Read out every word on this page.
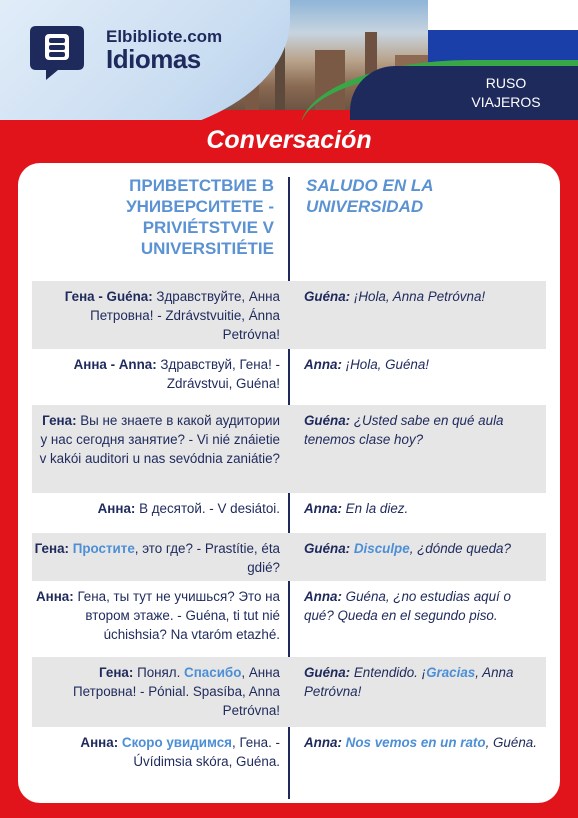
Elbibliote.com
Idiomas
RUSO
VIAJEROS
Conversación
ПРИВЕТСТВИЕ В УНИВЕРСИТЕТЕ - PRIVIÉTSTVIE V UNIVERSITIÉTIE
SALUDO EN LA UNIVERSIDAD
Гена - Guéna: Здравствуйте, Анна Петровна! - Zdrávstvuitie, Ánna Petróvna!
Guéna: ¡Hola, Anna Petróvna!
Анна - Anna: Здравствуй, Гена! - Zdrávstvui, Guéna!
Anna: ¡Hola, Guéna!
Гена: Вы не знаете в какой аудитории у нас сегодня занятие? - Vi nié znáietie v kakói auditori u nas sevódnia zaniátie?
Guéna: ¿Usted sabe en qué aula tenemos clase hoy?
Анна: В десятой. - V desiátoi. Anna: En la diez.
Гена: Простите, это где? - Prastítie, éta gdié?
Guéna: Disculpe, ¿dónde queda?
Анна: Гена, ты тут не учишься? Это на втором этаже. - Guéna, ti tut nié úchishsia? Na vtaróm etazhé.
Anna: Guéna, ¿no estudias aquí o qué? Queda en el segundo piso.
Гена: Понял. Спасибо, Анна Петровна! - Pónial. Spasíba, Anna Petróvna!
Guéna: Entendido. ¡Gracias, Anna Petróvna!
Анна: Скоро увидимся, Гена. - Úvídimsia skóra, Guéna.
Anna: Nos vemos en un rato, Guéna.
